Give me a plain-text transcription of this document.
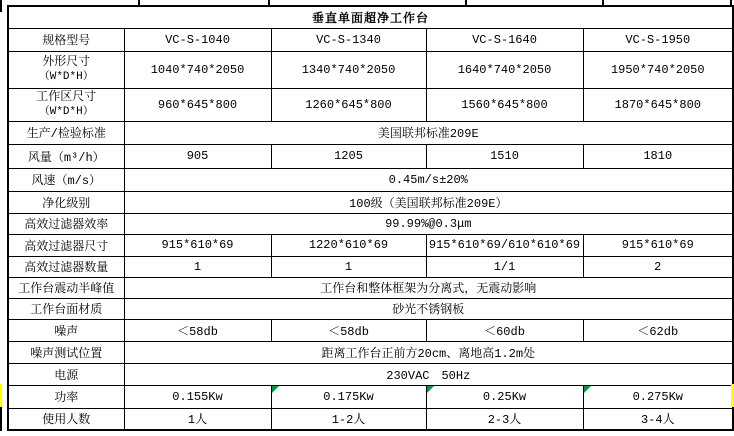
垂直单面超净工作台				
规格型号	VC-S-1040	VC-S-1340	VC-S-1640	VC-S-1950

外形尺寸
（W*D*H）	1040*740*2050	1340*740*2050	1640*740*2050	1950*740*2050

工作区尺寸
（W*D*H）	960*645*800	1260*645*800	1560*645*800	1870*645*800
生产/检验标准	美国联邦标准209E			
风量（m³/h）	905	1205	1510	1810
风速（m/s）	0.45m/s±20%			
净化级别	100级（美国联邦标准209E）			
高效过滤器效率	99.99%@0.3μm			
高效过滤器尺寸	915*610*69	1220*610*69	915*610*69/610*610*69	915*610*69
高效过滤器数量	1	1	1/1	2
工作台震动半峰值	工作台和整体框架为分离式，无震动影响			
工作台面材质	砂光不锈钢板			
噪声	＜58db	＜58db	＜60db	＜62db
噪声测试位置	距离工作台正前方20cm、离地高1.2m处			
电源	230VAC　50Hz			
功率	0.155Kw	0.175Kw	0.25Kw	0.275Kw
使用人数	1人	1-2人	2-3人	3-4人
